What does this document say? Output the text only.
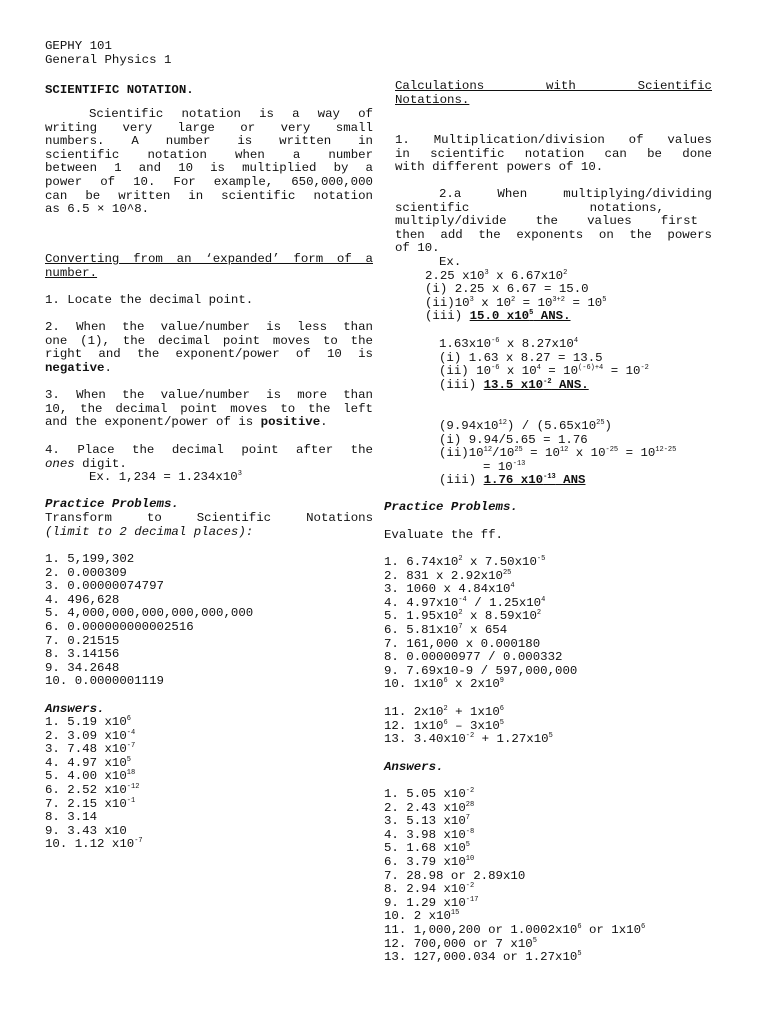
GEPHY 101
General Physics 1
SCIENTIFIC NOTATION.
Scientific notation is a way of
writing very large or very small
numbers. A number is written in
scientific notation when a number
between 1 and 10 is multiplied by a
power of 10. For example, 650,000,000
can be written in scientific notation
as 6.5 × 10^8.
Converting from an ‘expanded’ form of a
number.
1. Locate the decimal point.
2. When the value/number is less than
one (1), the decimal point moves to the
right and the exponent/power of 10 is
negative.
3. When the value/number is more than
10, the decimal point moves to the left
and the exponent/power of is positive.
4. Place the decimal point after the
ones digit.
Ex. $1,234 = 1.234x10^3$
Practice Problems.
Transform to Scientific Notations
(limit to 2 decimal places):
1. 5,199,302
2. 0.000309
3. 0.00000074797
4. 496,628
5. 4,000,000,000,000,000,000
6. 0.000000000002516
7. 0.21515
8. 3.14156
9. 34.2648
10. 0.0000001119
Answers.
1. 5.19 $x10^6$
2. 3.09 $x10^{-4}$
3. 7.48 $x10^{-7}$
4. 4.97 $x10^5$
5. 4.00 $x10^{18}$
6. 2.52 $x10^{-12}$
7. 2.15 $x10^{-1}$
8. 3.14
9. 3.43 x10
10. 1.12 $x10^{-7}$
Calculations with Scientific
Notations.
1. Multiplication/division of values
in scientific notation can be done
with different powers of 10.
2.a When multiplying/dividing
scientific notations,
multiply/divide the values first
then add the exponents on the powers
of 10.
Ex.
2.25 $x10^3$ x $6.67x10^2$
(i) 2.25 x 6.67 = 15.0
$(ii)10^3$ x $10^2 = 10^{3+2} = 10^5$
(iii) 15.0 $x10^5$ ANS.
$1.63x10^{-6}$ x $8.27x10^4$
(i) 1.63 x 8.27 = 13.5
(ii) $10^{-6}$ x $10^4 = 10^{(-6)+4} = 10^{-2}$
(iii) 13.5 $x10^{-2}$ ANS.
$(9.94x10^{12}) / (5.65x10^{25})$
(i) 9.94/5.65 = 1.76
$(ii)10^{12}/10^{25} = 10^{12}$ x $10^{-25} = 10^{12-25}$
= $10^{-13}$
(iii) 1.76 $x10^{-13}$ ANS
Practice Problems.
Evaluate the ff.
1. $6.74x10^2$ x $7.50x10^{-5}$
2. 831 x $2.92x10^{25}$
3. 1060 x $4.84x10^4$
4. $4.97x10^{-4} / 1.25x10^4$
5. $1.95x10^2$ x $8.59x10^2$
6. $5.81x10^7$ x 654
7. 161,000 x 0.000180
8. 0.00000977 / 0.000332
9. 7.69x10-9 / 597,000,000
10. $1x10^6$ x $2x10^9$
11. $2x10^2 + 1x10^6$
12. $1x10^6 - 3x10^5$
13. $3.40x10^{-2} + 1.27x10^5$
Answers.
1. 5.05 $x10^{-2}$
2. 2.43 $x10^{28}$
3. 5.13 $x10^7$
4. 3.98 $x10^{-8}$
5. 1.68 $x10^5$
6. 3.79 $x10^{10}$
7. 28.98 or 2.89x10
8. 2.94 $x10^{-2}$
9. 1.29 $x10^{-17}$
10. 2 $x10^{15}$
11. 1,000,200 or $1.0002x10^6$ or $1x10^6$
12. 700,000 or 7 $x10^5$
13. 127,000.034 or $1.27x10^5$
